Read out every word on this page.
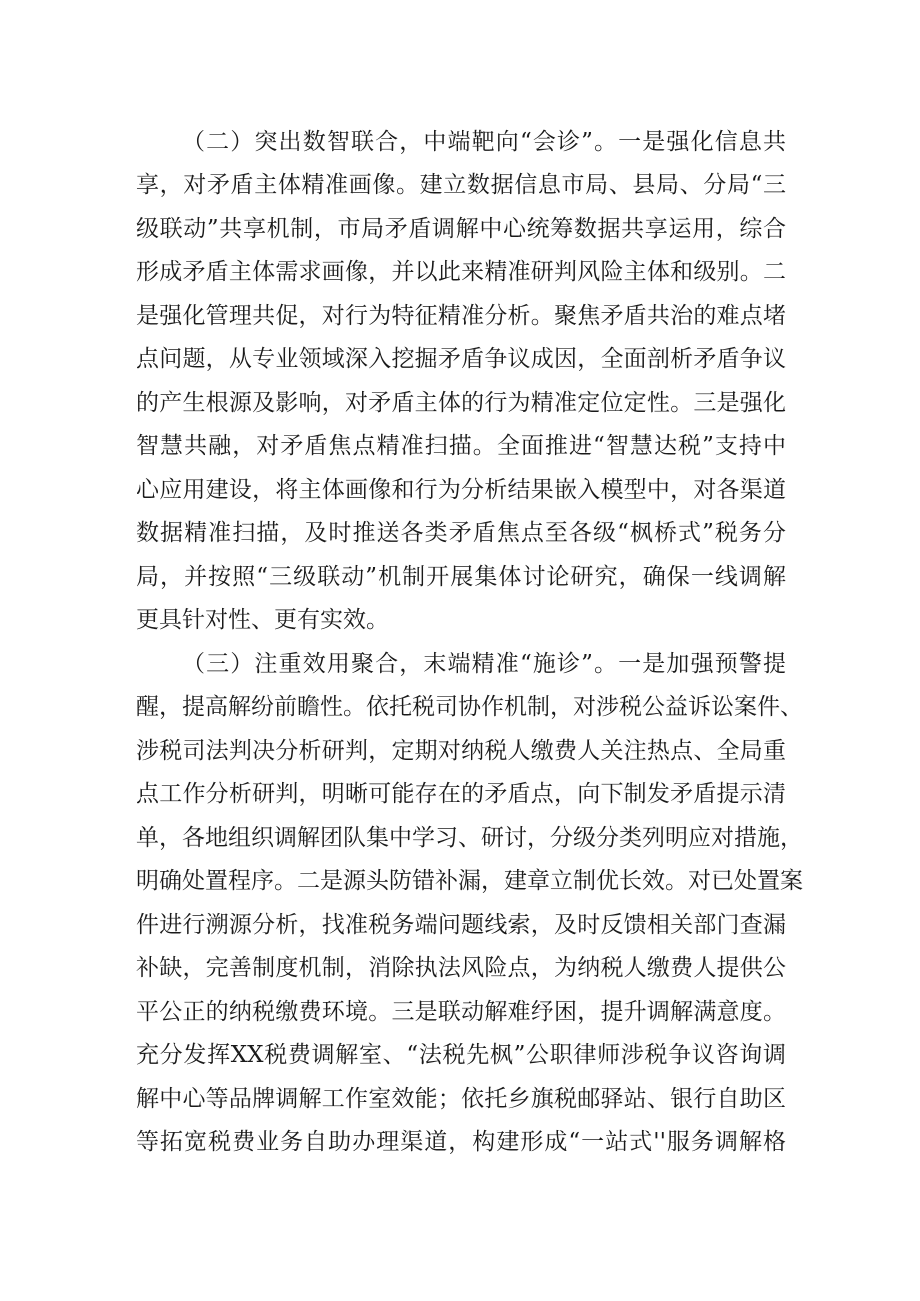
（二）突出数智联合，中端靶向“会诊”。一是强化信息共
享，对矛盾主体精准画像。建立数据信息市局、县局、分局“三
级联动”共享机制，市局矛盾调解中心统筹数据共享运用，综合
形成矛盾主体需求画像，并以此来精准研判风险主体和级别。二
是强化管理共促，对行为特征精准分析。聚焦矛盾共治的难点堵
点问题，从专业领域深入挖掘矛盾争议成因，全面剖析矛盾争议
的产生根源及影响，对矛盾主体的行为精准定位定性。三是强化
智慧共融，对矛盾焦点精准扫描。全面推进“智慧达税”支持中
心应用建设，将主体画像和行为分析结果嵌入模型中，对各渠道
数据精准扫描，及时推送各类矛盾焦点至各级“枫桥式”税务分
局，并按照“三级联动”机制开展集体讨论研究，确保一线调解
更具针对性、更有实效。
（三）注重效用聚合，末端精准“施诊”。一是加强预警提
醒，提高解纷前瞻性。依托税司协作机制，对涉税公益诉讼案件、
涉税司法判决分析研判，定期对纳税人缴费人关注热点、全局重
点工作分析研判，明晰可能存在的矛盾点，向下制发矛盾提示清
单，各地组织调解团队集中学习、研讨，分级分类列明应对措施，
明确处置程序。二是源头防错补漏，建章立制优长效。对已处置案
件进行溯源分析，找准税务端问题线索，及时反馈相关部门查漏
补缺，完善制度机制，消除执法风险点，为纳税人缴费人提供公
平公正的纳税缴费环境。三是联动解难纾困，提升调解满意度。
充分发挥XX税费调解室、“法税先枫”公职律师涉税争议咨询调
解中心等品牌调解工作室效能；依托乡旗税邮驿站、银行自助区
等拓宽税费业务自助办理渠道，构建形成“一站式''服务调解格
